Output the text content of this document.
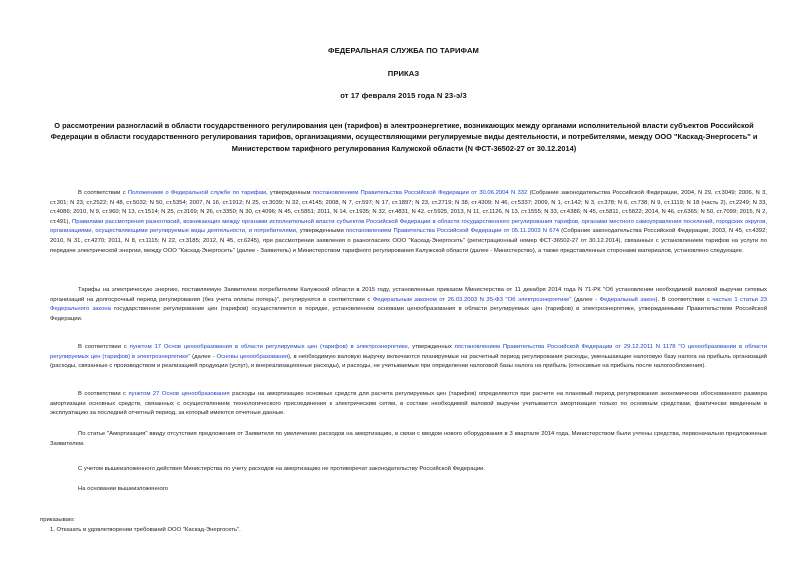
ФЕДЕРАЛЬНАЯ СЛУЖБА ПО ТАРИФАМ
ПРИКАЗ
от 17 февраля 2015 года N 23-э/3
О рассмотрении разногласий в области государственного регулирования цен (тарифов) в электроэнергетике, возникающих между органами исполнительной власти субъектов Российской Федерации в области государственного регулирования тарифов, организациями, осуществляющими регулируемые виды деятельности, и потребителями, между ООО "Каскад-Энергосеть" и Министерством тарифного регулирования Калужской области (N ФСТ-36502-27 от 30.12.2014)
В соответствии с Положением о Федеральной службе по тарифам, утвержденным постановлением Правительства Российской Федерации от 30.06.2004 N 332 (Собрание законодательства Российской Федерации, 2004, N 29, ст.3049; 2006, N 3, ст.301; N 23, ст.2522; N 48, ст.5032; N 50, ст.5354; 2007, N 16, ст.1912; N 25, ст.3039; N 32, ст.4145; 2008, N 7, ст.597; N 17, ст.1897; N 23, ст.2719; N 38, ст.4309; N 46, ст.5337; 2009, N 1, ст.142; N 3, ст.378; N 6, ст.738; N 9, ст.1119; N 18 (часть 2), ст.2249; N 33, ст.4086; 2010, N 9, ст.960; N 13, ст.1514; N 25, ст.3169; N 26, ст.3350; N 30, ст.4096; N 45, ст.5851; 2011, N 14, ст.1935; N 32, ст.4831, N 42, ст.5925, 2013, N 11, ст.1126, N 13, ст.1555; N 33, ст.4386; N 45, ст.5811, ст.5822; 2014, N 46, ст.6365; N 50, ст.7099; 2015, N 2, ст.491), Правилами рассмотрения разногласий, возникающих между органами исполнительной власти субъектов Российской Федерации в области государственного регулирования тарифов, органами местного самоуправления поселений, городских округов, организациями, осуществляющими регулируемые виды деятельности, и потребителями, утвержденными постановлением Правительства Российской Федерации от 05.11.2003 N 674 (Собрание законодательства Российской Федерации, 2003, N 45, ст.4392; 2010, N 31, ст.4270; 2011, N 8, ст.1115; N 22, ст.3185; 2012, N 45, ст.6245), при рассмотрении заявления о разногласиях ООО "Каскад-Энергосеть" (регистрационный номер ФСТ-36502-27 от 30.12.2014), связанных с установлением тарифов на услуги по передаче электрической энергии, между ООО "Каскад-Энергосеть" (далее - Заявитель) и Министерством тарифного регулирования Калужской области (далее - Министерство), а также представленных сторонами материалов, установлено следующее.
Тарифы на электрическую энергию, поставляемую Заявителем потребителям Калужской области в 2015 году, установленные приказом Министерства от 11 декабря 2014 года N 71-РК "Об установлении необходимой валовой выручки сетевых организаций на долгосрочный период регулирования (без учета оплаты потерь)", регулируются в соответствии с Федеральным законом от 26.03.2003 N 35-ФЗ "Об электроэнергетике" (далее - Федеральный закон). В соответствии с частью 1 статьи 23 Федерального закона государственное регулирование цен (тарифов) осуществляется в порядке, установленном основами ценообразования в области регулируемых цен (тарифов) в электроэнергетике, утверждаемыми Правительством Российской Федерации.
В соответствии с пунктом 17 Основ ценообразования в области регулируемых цен (тарифов) в электроэнергетике, утвержденных постановлением Правительства Российской Федерации от 29.12.2011 N 1178 "О ценообразовании в области регулируемых цен (тарифов) в электроэнергетике" (далее - Основы ценообразования), в необходимую валовую выручку включаются планируемые на расчетный период регулирования расходы, уменьшающие налоговую базу налога на прибыль организаций (расходы, связанные с производством и реализацией продукции (услуг), и внереализационные расходы), и расходы, не учитываемые при определении налоговой базы налога на прибыль (относимые на прибыль после налогообложения).
В соответствии с пунктом 27 Основ ценообразования расходы на амортизацию основных средств для расчета регулируемых цен (тарифов) определяются при расчете на плановый период регулирования экономически обоснованного размера амортизации основных средств, связанных с осуществлением технологического присоединения к электрическим сетям, в составе необходимой валовой выручки учитывается амортизация только по основным средствам, фактически введенным в эксплуатацию за последний отчетный период, за который имеются отчетные данные.
По статье "Амортизация" ввиду отсутствия предложения от Заявителя по увеличению расходов на амортизацию, в связи с вводом нового оборудования в 3 квартале 2014 года, Министерством были учтены средства, первоначально предложенные Заявителем.
С учетом вышеизложенного действия Министерства по учету расходов на амортизацию не противоречат законодательству Российской Федерации.
На основании вышеизложенного
приказываю:
1. Отказать в удовлетворении требований ООО "Каскад-Энергосеть".
